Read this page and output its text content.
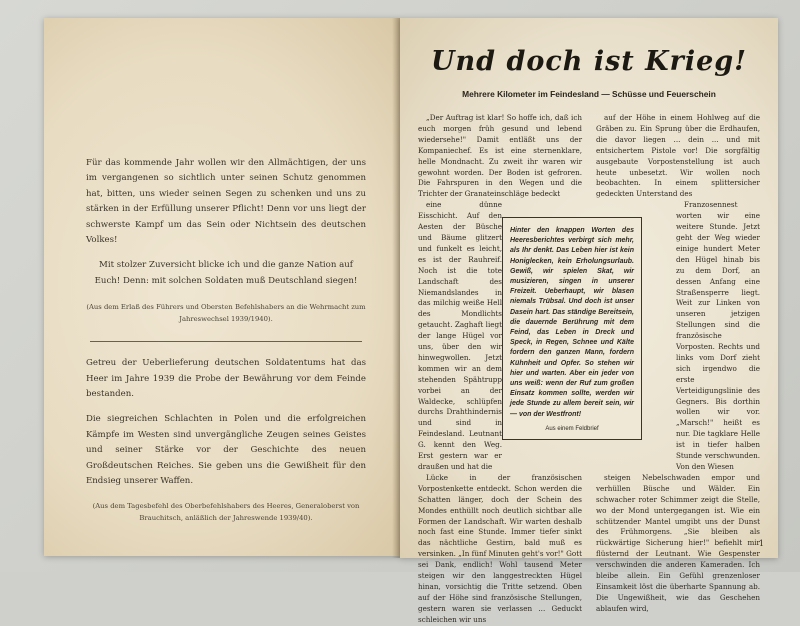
Für das kommende Jahr wollen wir den Allmächtigen, der uns im vergangenen so sichtlich unter seinen Schutz genommen hat, bitten, uns wieder seinen Segen zu schenken und uns zu stärken in der Erfüllung unserer Pflicht! Denn vor uns liegt der schwerste Kampf um das Sein oder Nichtsein des deutschen Volkes!

Mit stolzer Zuversicht blicke ich und die ganze Nation auf Euch! Denn: mit solchen Soldaten muß Deutschland siegen!

(Aus dem Erlaß des Führers und Obersten Befehlshabers an die Wehrmacht zum Jahreswechsel 1939/1940).

Getreu der Ueberlieferung deutschen Soldatentums hat das Heer im Jahre 1939 die Probe der Bewährung vor dem Feinde bestanden.

Die siegreichen Schlachten in Polen und die erfolgreichen Kämpfe im Westen sind unvergängliche Zeugen seines Geistes und seiner Stärke vor der Geschichte des neuen Großdeutschen Reiches. Sie geben uns die Gewißheit für den Endsieg unserer Waffen.

(Aus dem Tagesbefehl des Oberbefehlshabers des Heeres, Generaloberst von Brauchitsch, anläßlich der Jahreswende 1939/40).

Und doch ist Krieg!
Mehrere Kilometer im Feindesland — Schüsse und Feuerschein

„Der Auftrag ist klar! So hoffe ich, daß ich euch morgen früh gesund und lebend wiedersehe!" Damit entläßt uns der Kompaniechef. Es ist eine sternenklare, helle Mondnacht. Zu zweit ihr waren wir gewohnt worden. Der Boden ist gefroren. Die Fahrspuren in den Wegen und die Trichter der Granateinschläge bedeckt

eine dünne Eisschicht. Auf den Aesten der Büsche und Bäume glitzert und funkelt es leicht, es ist der Rauhreif. Noch ist die tote Landschaft des Niemandslandes in das milchig weiße Hell des Mondlichts getaucht. Zaghaft liegt der lange Hügel vor uns, über den wir hinwegwollen. Jetzt kommen wir an dem stehenden Spähtrupp vorbei an der Waldecke, schlüpfen durchs Drahthindernis und sind in Feindesland. Leutnant G. kennt den Weg. Erst gestern war er draußen und hat die

Lücke in der französischen Vorpostenkette entdeckt. Schon werden die Schatten länger, doch der Schein des Mondes enthüllt noch deutlich sichtbar alle Formen der Landschaft. Wir warten deshalb noch fast eine Stunde. Immer tiefer sinkt das nächtliche Gestirn, bald muß es versinken. „In fünf Minuten geht's vor!" Gott sei Dank, endlich! Wohl tausend Meter steigen wir den langgestreckten Hügel hinan, vorsichtig die Tritte setzend. Oben auf der Höhe sind französische Stellungen, gestern waren sie verlassen ... Geduckt schleichen wir uns

auf der Höhe in einem Hohlweg auf die Gräben zu. Ein Sprung über die Erdhaufen, die davor liegen ... dein ... und mit entsichertem Pistole vor! Die sorgfältig ausgebaute Vorpostenstellung ist auch heute unbesetzt. Wir wollen noch beobachten. In einem splittersicher gedeckten Unterstand des

Franzosennest worten wir eine weitere Stunde. Jetzt geht der Weg wieder einige hundert Meter den Hügel hinab bis zu dem Dorf, an dessen Anfang eine Straßensperre liegt. Weit zur Linken von unseren jetzigen Stellungen sind die französische Vorposten. Rechts und links vom Dorf zieht sich irgendwo die erste Verteidigungslinie des Gegners. Bis dorthin wollen wir vor. „Marsch!" heißt es nur. Die tagklare Helle ist in tiefer halben Stunde verschwunden. Von den Wiesen

steigen Nebelschwaden empor und verhüllen Büsche und Wälder. Ein schwacher roter Schimmer zeigt die Stelle, wo der Mond untergegangen ist. Wie ein schützender Mantel umgibt uns der Dunst des Frühmorgens. „Sie bleiben als rückwärtige Sicherung hier!" befiehlt mir flüsternd der Leutnant. Wie Gespenster verschwinden die anderen Kameraden. Ich bleibe allein. Ein Gefühl grenzenloser Einsamkeit löst die überharte Spannung ab. Die Ungewißheit, wie das Geschehen ablaufen wird,

Hinter den knappen Worten des Heeresberichtes verbirgt sich mehr, als Ihr denkt. Das Leben hier ist kein Honiglecken, kein Erholungsurlaub. Gewiß, wir spielen Skat, wir musizieren, singen in unserer Freizeit. Ueberhaupt, wir blasen niemals Trübsal. Und doch ist unser Dasein hart. Das ständige Bereitsein, die dauernde Berührung mit dem Feind, das Leben in Dreck und Speck, in Regen, Schnee und Kälte fordern den ganzen Mann, fordern Kühnheit und Opfer. So stehen wir hier und warten. Aber ein jeder von uns weiß: wenn der Ruf zum großen Einsatz kommen sollte, werden wir jede Stunde zu allem bereit sein, wir — von der Westfront!
Aus einem Feldbrief
1
